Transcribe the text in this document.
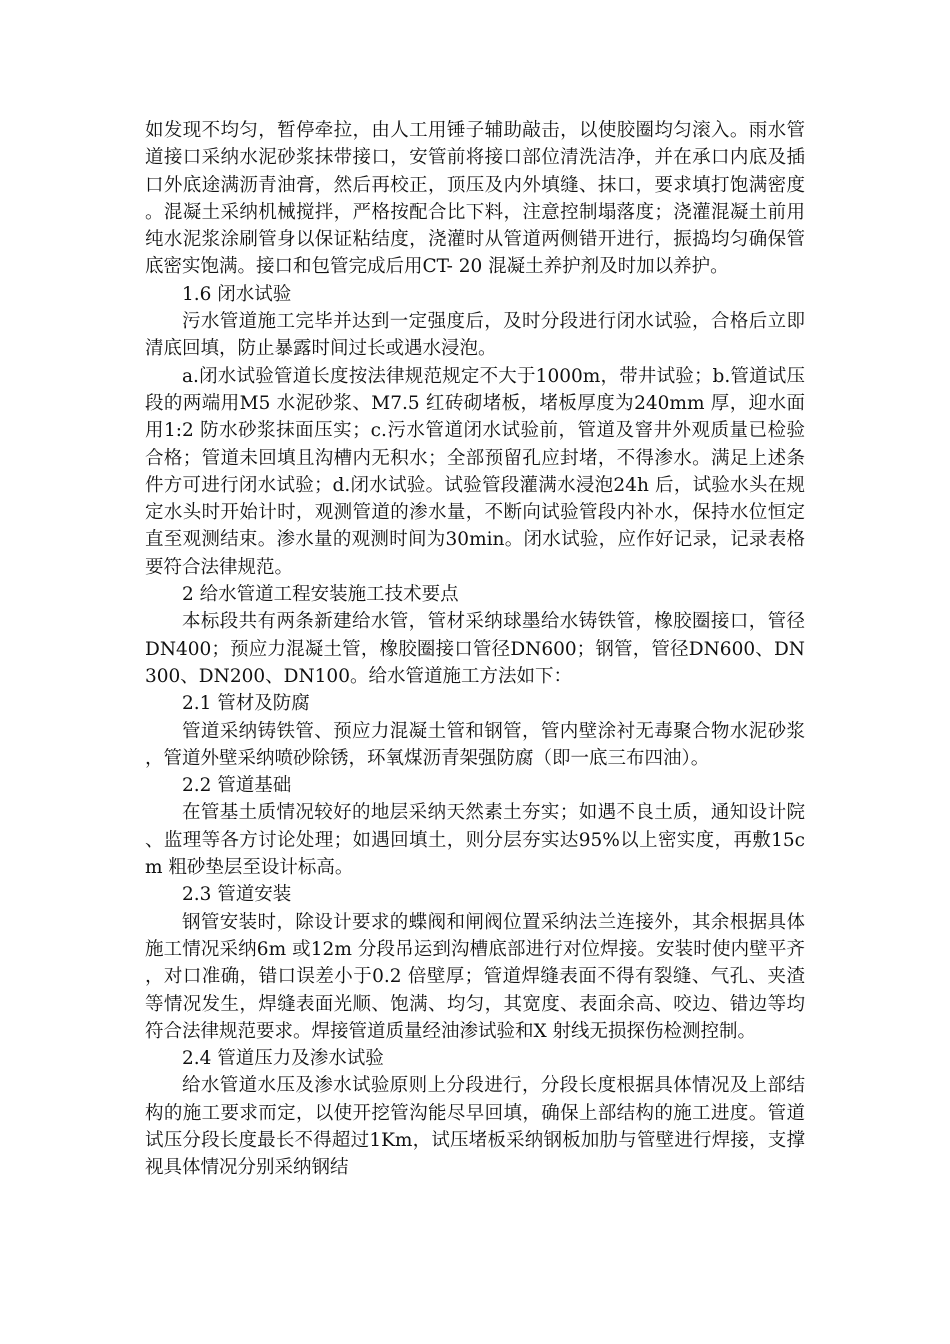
如发现不均匀，暂停牵拉，由人工用锤子辅助敲击，以使胶圈均匀滚入。雨水管道接口采纳水泥砂浆抹带接口，安管前将接口部位清洗洁净，并在承口内底及插口外底途满沥青油膏，然后再校正，顶压及内外填缝、抹口，要求填打饱满密度。混凝土采纳机械搅拌，严格按配合比下料，注意控制塌落度；浇灌混凝土前用纯水泥浆涂刷管身以保证粘结度，浇灌时从管道两侧错开进行，振捣均匀确保管底密实饱满。接口和包管完成后用CT- 20 混凝土养护剂及时加以养护。

1.6 闭水试验

污水管道施工完毕并达到一定强度后，及时分段进行闭水试验，合格后立即清底回填，防止暴露时间过长或遇水浸泡。

a.闭水试验管道长度按法律规范规定不大于1000m，带井试验；b.管道试压段的两端用M5 水泥砂浆、M7.5 红砖砌堵板，堵板厚度为240mm 厚，迎水面用1:2 防水砂浆抹面压实；c.污水管道闭水试验前，管道及窨井外观质量已检验合格；管道未回填且沟槽内无积水；全部预留孔应封堵，不得渗水。满足上述条件方可进行闭水试验；d.闭水试验。试验管段灌满水浸泡24h 后，试验水头在规定水头时开始计时，观测管道的渗水量，不断向试验管段内补水，保持水位恒定直至观测结束。渗水量的观测时间为30min。闭水试验，应作好记录，记录表格要符合法律规范。

2 给水管道工程安装施工技术要点

本标段共有两条新建给水管，管材采纳球墨给水铸铁管，橡胶圈接口，管径DN400；预应力混凝土管，橡胶圈接口管径DN600；钢管，管径DN600、DN300、DN200、DN100。给水管道施工方法如下：

2.1 管材及防腐

管道采纳铸铁管、预应力混凝土管和钢管，管内壁涂衬无毒聚合物水泥砂浆，管道外壁采纳喷砂除锈，环氧煤沥青架强防腐（即一底三布四油）。

2.2 管道基础

在管基土质情况较好的地层采纳天然素土夯实；如遇不良土质，通知设计院、监理等各方讨论处理；如遇回填土，则分层夯实达95%以上密实度，再敷15cm 粗砂垫层至设计标高。

2.3 管道安装

钢管安装时，除设计要求的蝶阀和闸阀位置采纳法兰连接外，其余根据具体施工情况采纳6m 或12m 分段吊运到沟槽底部进行对位焊接。安装时使内壁平齐，对口准确，错口误差小于0.2 倍壁厚；管道焊缝表面不得有裂缝、气孔、夹渣等情况发生，焊缝表面光顺、饱满、均匀，其宽度、表面余高、咬边、错边等均符合法律规范要求。焊接管道质量经油渗试验和X 射线无损探伤检测控制。

2.4 管道压力及渗水试验

给水管道水压及渗水试验原则上分段进行，分段长度根据具体情况及上部结构的施工要求而定，以使开挖管沟能尽早回填，确保上部结构的施工进度。管道试压分段长度最长不得超过1Km，试压堵板采纳钢板加肋与管壁进行焊接，支撑视具体情况分别采纳钢结
